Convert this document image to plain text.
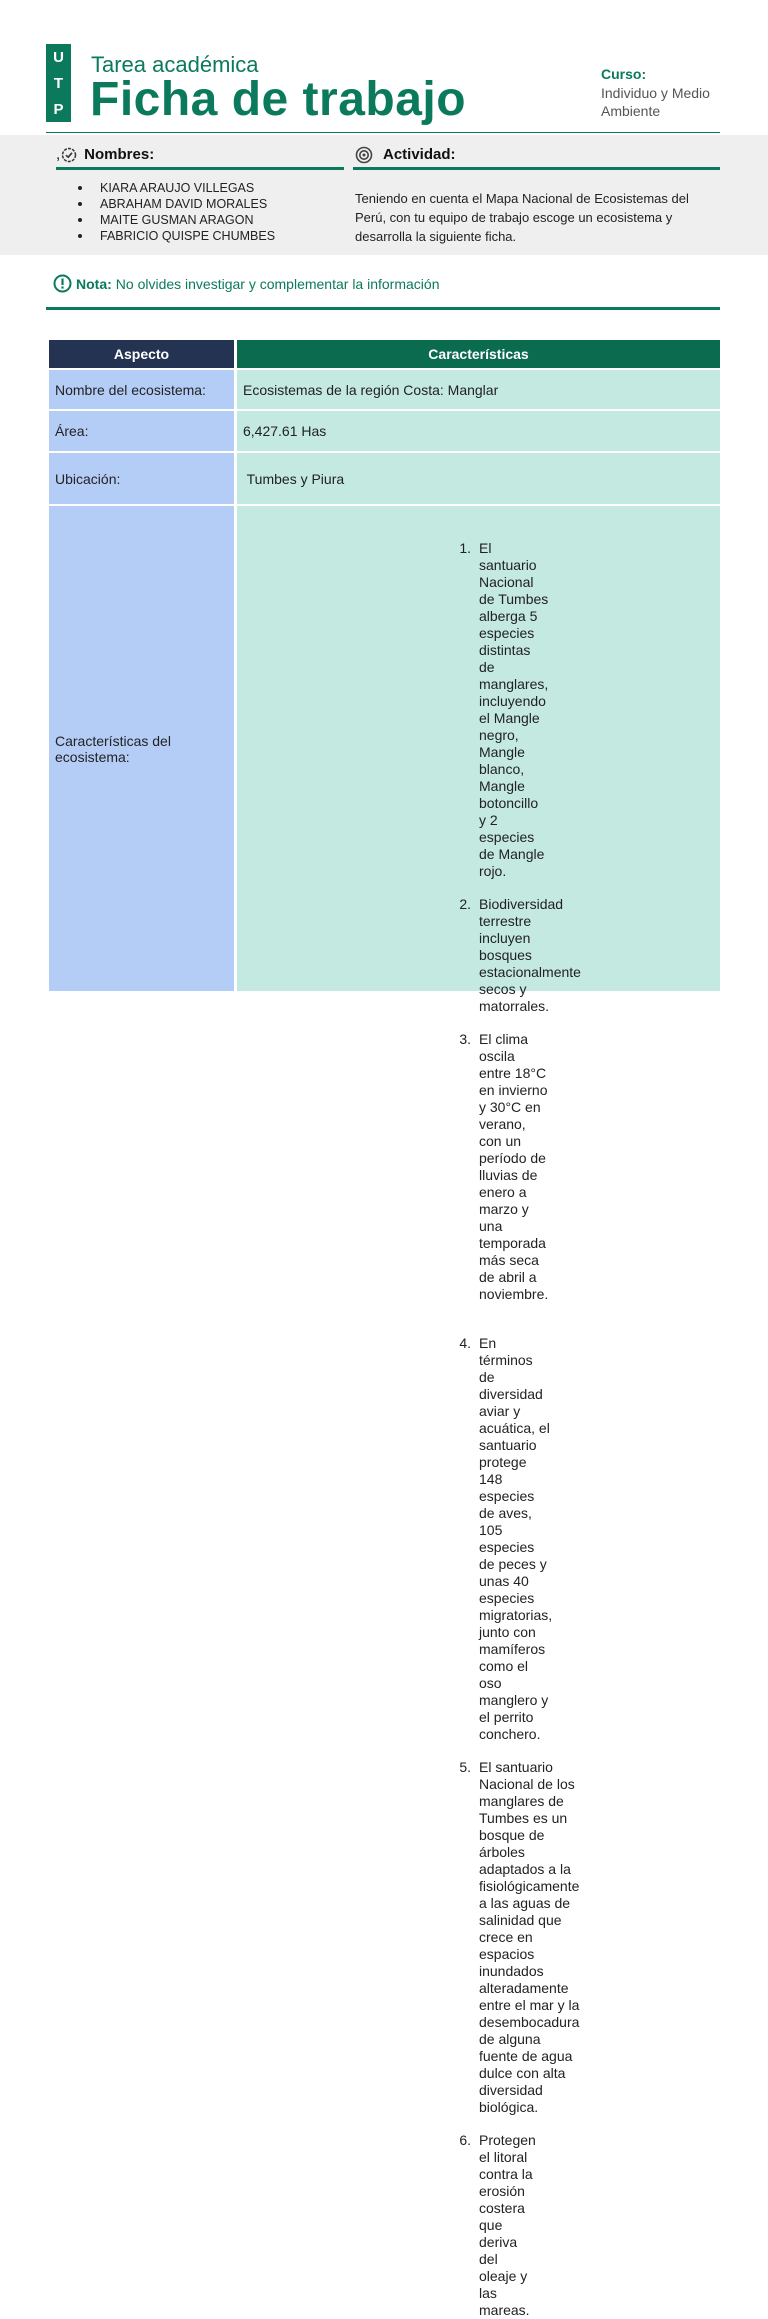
U
T
P
Tarea académica
Ficha de trabajo	Curso:
Individuo y Medio Ambiente
, Nombres:	Actividad:
KIARA ARAUJO VILLEGAS
ABRAHAM DAVID MORALES
MAITE GUSMAN ARAGON
FABRICIO QUISPE CHUMBES
Teniendo en cuenta el Mapa Nacional de Ecosistemas del Perú, con tu equipo de trabajo escoge un ecosistema y desarrolla la siguiente ficha.
Nota: No olvides investigar y complementar la información
Aspecto	Características
Nombre del ecosistema:	Ecosistemas de la región Costa: Manglar
Área:	6,427.61 Has
Ubicación:	Tumbes y Piura
Características del ecosistema:
1. El santuario Nacional de Tumbes alberga 5 especies distintas de manglares, incluyendo el Mangle negro, Mangle blanco, Mangle botoncillo y 2 especies de Mangle rojo.
2. Biodiversidad terrestre incluyen bosques estacionalmente secos y matorrales.
3. El clima oscila entre 18°C en invierno y 30°C en verano, con un período de lluvias de enero a marzo y una temporada más seca de abril a noviembre.
4. En términos de diversidad aviar y acuática, el santuario protege 148 especies de aves, 105 especies de peces y unas 40 especies migratorias, junto con mamíferos como el oso manglero y el perrito conchero.
5. El santuario Nacional de los manglares de Tumbes es un bosque de árboles adaptados a la fisiológicamente a las aguas de salinidad que crece en espacios inundados alteradamente entre el mar y la desembocadura de alguna fuente de agua dulce con alta diversidad biológica.
6. Protegen el litoral contra la erosión costera que deriva del oleaje y las mareas.
